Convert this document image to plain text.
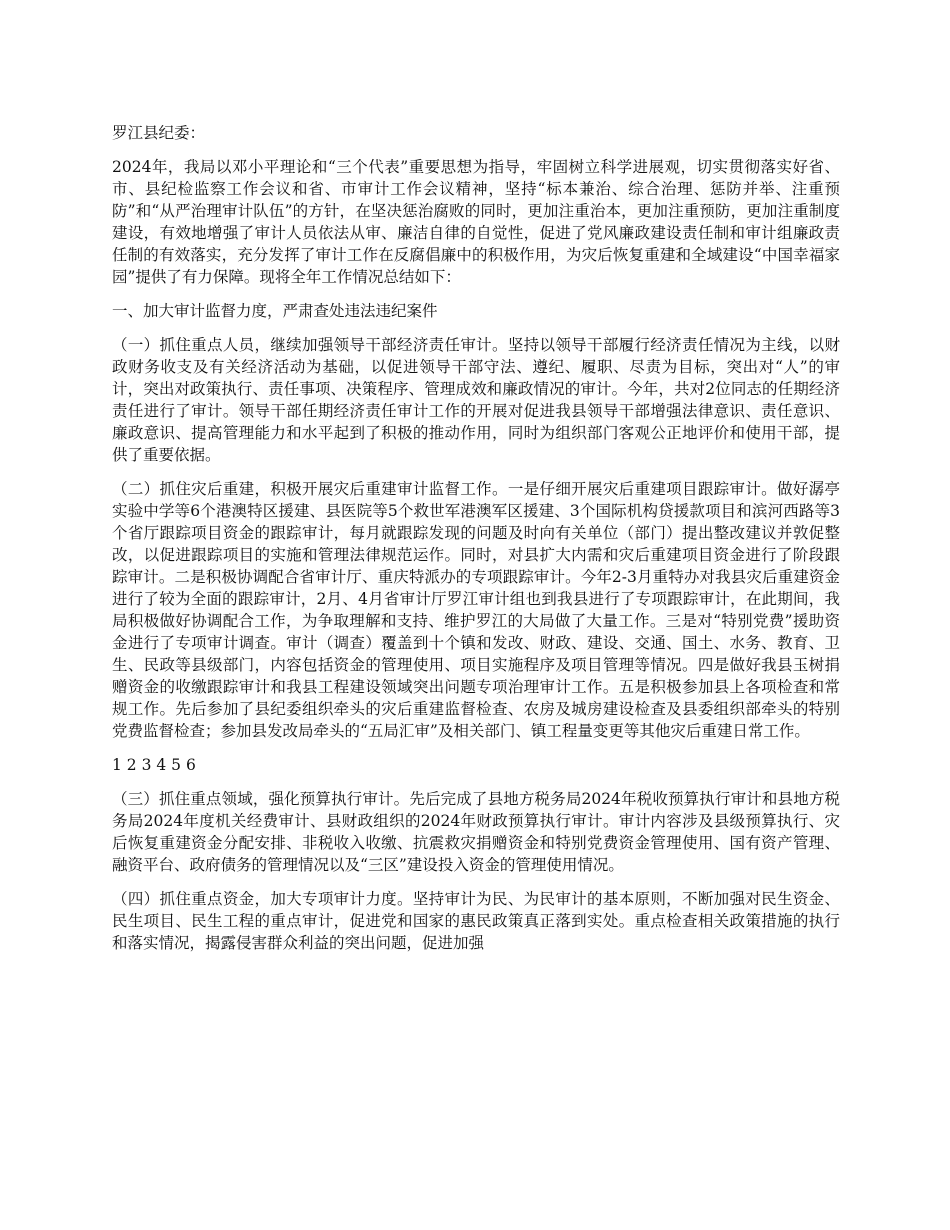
罗江县纪委：

2024年，我局以邓小平理论和“三个代表”重要思想为指导，牢固树立科学进展观，切实贯彻落实好省、市、县纪检监察工作会议和省、市审计工作会议精神，坚持“标本兼治、综合治理、惩防并举、注重预防”和“从严治理审计队伍”的方针，在坚决惩治腐败的同时，更加注重治本，更加注重预防，更加注重制度建设，有效地增强了审计人员依法从审、廉洁自律的自觉性，促进了党风廉政建设责任制和审计组廉政责任制的有效落实，充分发挥了审计工作在反腐倡廉中的积极作用，为灾后恢复重建和全域建设“中国幸福家园”提供了有力保障。现将全年工作情况总结如下：

一、加大审计监督力度，严肃查处违法违纪案件

（一）抓住重点人员，继续加强领导干部经济责任审计。坚持以领导干部履行经济责任情况为主线，以财政财务收支及有关经济活动为基础，以促进领导干部守法、遵纪、履职、尽责为目标，突出对“人”的审计，突出对政策执行、责任事项、决策程序、管理成效和廉政情况的审计。今年，共对2位同志的任期经济责任进行了审计。领导干部任期经济责任审计工作的开展对促进我县领导干部增强法律意识、责任意识、廉政意识、提高管理能力和水平起到了积极的推动作用，同时为组织部门客观公正地评价和使用干部，提供了重要依据。

（二）抓住灾后重建，积极开展灾后重建审计监督工作。一是仔细开展灾后重建项目跟踪审计。做好潺亭实验中学等6个港澳特区援建、县医院等5个救世军港澳军区援建、3个国际机构贷援款项目和滨河西路等3个省厅跟踪项目资金的跟踪审计，每月就跟踪发现的问题及时向有关单位（部门）提出整改建议并敦促整改，以促进跟踪项目的实施和管理法律规范运作。同时，对县扩大内需和灾后重建项目资金进行了阶段跟踪审计。二是积极协调配合省审计厅、重庆特派办的专项跟踪审计。今年2-3月重特办对我县灾后重建资金进行了较为全面的跟踪审计，2月、4月省审计厅罗江审计组也到我县进行了专项跟踪审计，在此期间，我局积极做好协调配合工作，为争取理解和支持、维护罗江的大局做了大量工作。三是对“特别党费”援助资金进行了专项审计调查。审计（调查）覆盖到十个镇和发改、财政、建设、交通、国土、水务、教育、卫生、民政等县级部门，内容包括资金的管理使用、项目实施程序及项目管理等情况。四是做好我县玉树捐赠资金的收缴跟踪审计和我县工程建设领域突出问题专项治理审计工作。五是积极参加县上各项检查和常规工作。先后参加了县纪委组织牵头的灾后重建监督检查、农房及城房建设检查及县委组织部牵头的特别党费监督检查；参加县发改局牵头的“五局汇审”及相关部门、镇工程量变更等其他灾后重建日常工作。

1 2 3 4 5 6

（三）抓住重点领域，强化预算执行审计。先后完成了县地方税务局2024年税收预算执行审计和县地方税务局2024年度机关经费审计、县财政组织的2024年财政预算执行审计。审计内容涉及县级预算执行、灾后恢复重建资金分配安排、非税收入收缴、抗震救灾捐赠资金和特别党费资金管理使用、国有资产管理、融资平台、政府债务的管理情况以及“三区”建设投入资金的管理使用情况。

（四）抓住重点资金，加大专项审计力度。坚持审计为民、为民审计的基本原则，不断加强对民生资金、民生项目、民生工程的重点审计，促进党和国家的惠民政策真正落到实处。重点检查相关政策措施的执行和落实情况，揭露侵害群众利益的突出问题，促进加强
